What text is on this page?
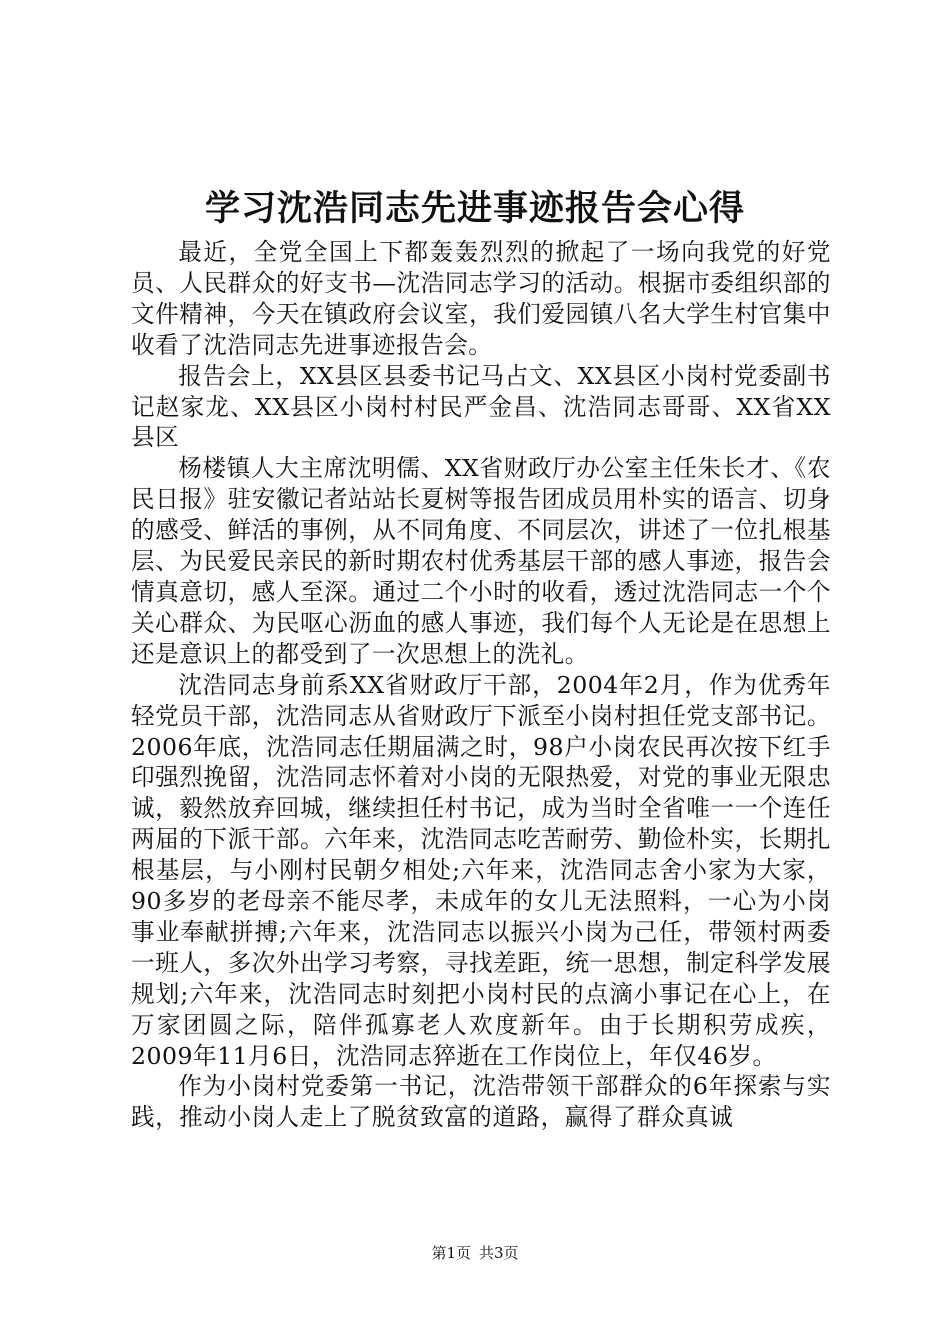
学习沈浩同志先进事迹报告会心得

最近，全党全国上下都轰轰烈烈的掀起了一场向我党的好党员、人民群众的好支书—沈浩同志学习的活动。根据市委组织部的文件精神，今天在镇政府会议室，我们爱园镇八名大学生村官集中收看了沈浩同志先进事迹报告会。

报告会上，XX县区县委书记马占文、XX县区小岗村党委副书记赵家龙、XX县区小岗村村民严金昌、沈浩同志哥哥、XX省XX县区

杨楼镇人大主席沈明儒、XX省财政厅办公室主任朱长才、《农民日报》驻安徽记者站站长夏树等报告团成员用朴实的语言、切身的感受、鲜活的事例，从不同角度、不同层次，讲述了一位扎根基层、为民爱民亲民的新时期农村优秀基层干部的感人事迹，报告会情真意切，感人至深。通过二个小时的收看，透过沈浩同志一个个关心群众、为民呕心沥血的感人事迹，我们每个人无论是在思想上还是意识上的都受到了一次思想上的洗礼。

沈浩同志身前系XX省财政厅干部，2004年2月，作为优秀年轻党员干部，沈浩同志从省财政厅下派至小岗村担任党支部书记。2006年底，沈浩同志任期届满之时，98户小岗农民再次按下红手印强烈挽留，沈浩同志怀着对小岗的无限热爱，对党的事业无限忠诚，毅然放弃回城，继续担任村书记，成为当时全省唯一一个连任两届的下派干部。六年来，沈浩同志吃苦耐劳、勤俭朴实，长期扎根基层，与小刚村民朝夕相处;六年来，沈浩同志舍小家为大家，90多岁的老母亲不能尽孝，未成年的女儿无法照料，一心为小岗事业奉献拼搏;六年来，沈浩同志以振兴小岗为己任，带领村两委一班人，多次外出学习考察，寻找差距，统一思想，制定科学发展规划;六年来，沈浩同志时刻把小岗村民的点滴小事记在心上，在万家团圆之际，陪伴孤寡老人欢度新年。由于长期积劳成疾，2009年11月6日，沈浩同志猝逝在工作岗位上，年仅46岁。

作为小岗村党委第一书记，沈浩带领干部群众的6年探索与实践，推动小岗人走上了脱贫致富的道路，赢得了群众真诚

第1页 共3页
